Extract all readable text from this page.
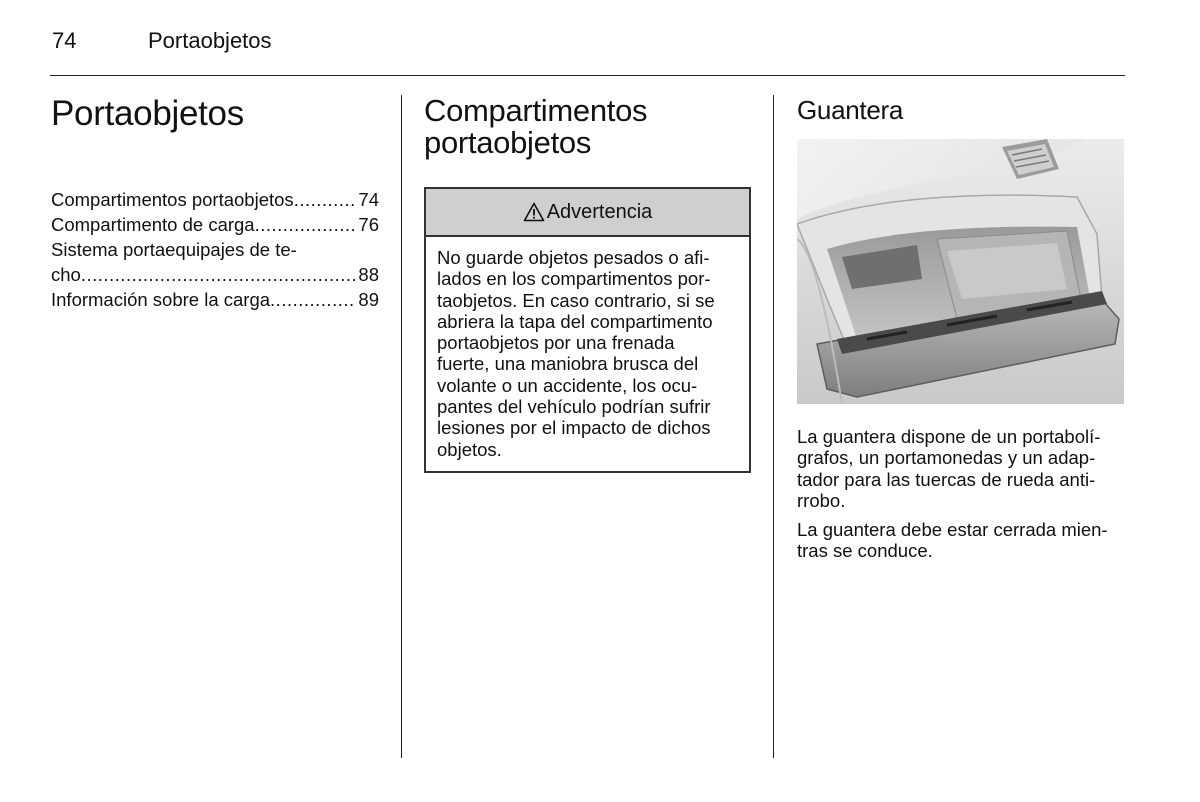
74	Portaobjetos
Portaobjetos
Compartimentos portaobjetos .....	74
Compartimento de carga .....	76
Sistema portaequipajes de te-
cho .....	88
Información sobre la carga .....	89
Compartimentos
portaobjetos
Advertencia
No guarde objetos pesados o afi-
lados en los compartimentos por-
taobjetos. En caso contrario, si se
abriera la tapa del compartimento
portaobjetos por una frenada
fuerte, una maniobra brusca del
volante o un accidente, los ocu-
pantes del vehículo podrían sufrir
lesiones por el impacto de dichos
objetos.
Guantera
La guantera dispone de un portabolí-
grafos, un portamonedas y un adap-
tador para las tuercas de rueda anti-
rrobo.
La guantera debe estar cerrada mien-
tras se conduce.
